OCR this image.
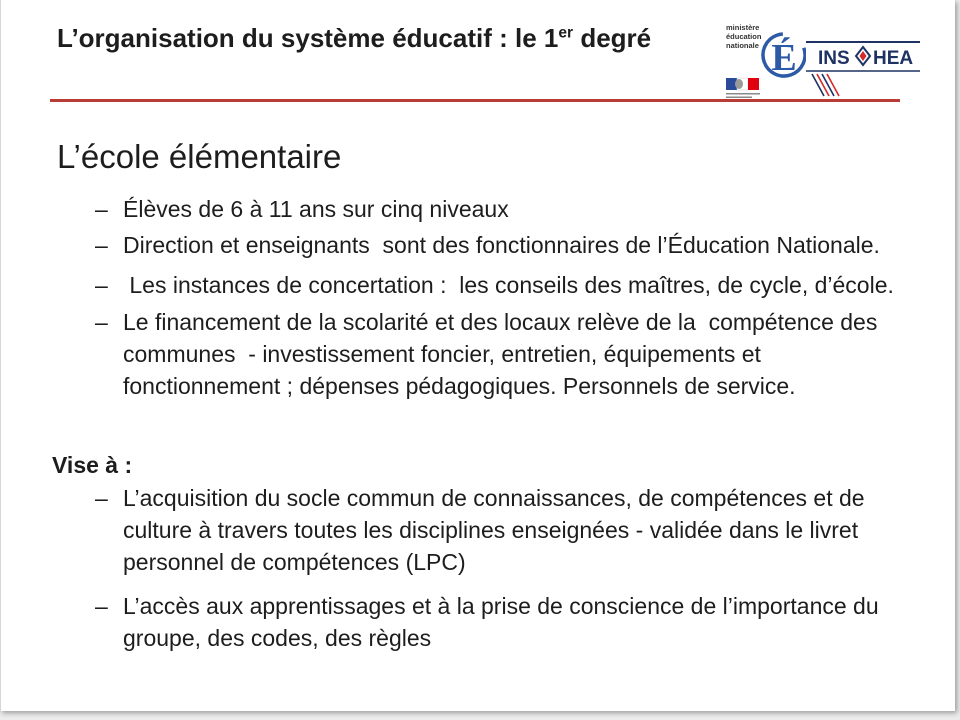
L’organisation du système éducatif : le 1er degré	ministère
éducation
nationale É INS HEA
L’école élémentaire
– Élèves de 6 à 11 ans sur cinq niveaux
– Direction et enseignants  sont des fonctionnaires de l’Éducation Nationale.
– Les instances de concertation :  les conseils des maîtres, de cycle, d’école.
– Le financement de la scolarité et des locaux relève de la  compétence des
communes  - investissement foncier, entretien, équipements et
fonctionnement ; dépenses pédagogiques. Personnels de service.
Vise à :
– L’acquisition du socle commun de connaissances, de compétences et de
culture à travers toutes les disciplines enseignées - validée dans le livret
personnel de compétences (LPC)
– L’accès aux apprentissages et à la prise de conscience de l’importance du
groupe, des codes, des règles
